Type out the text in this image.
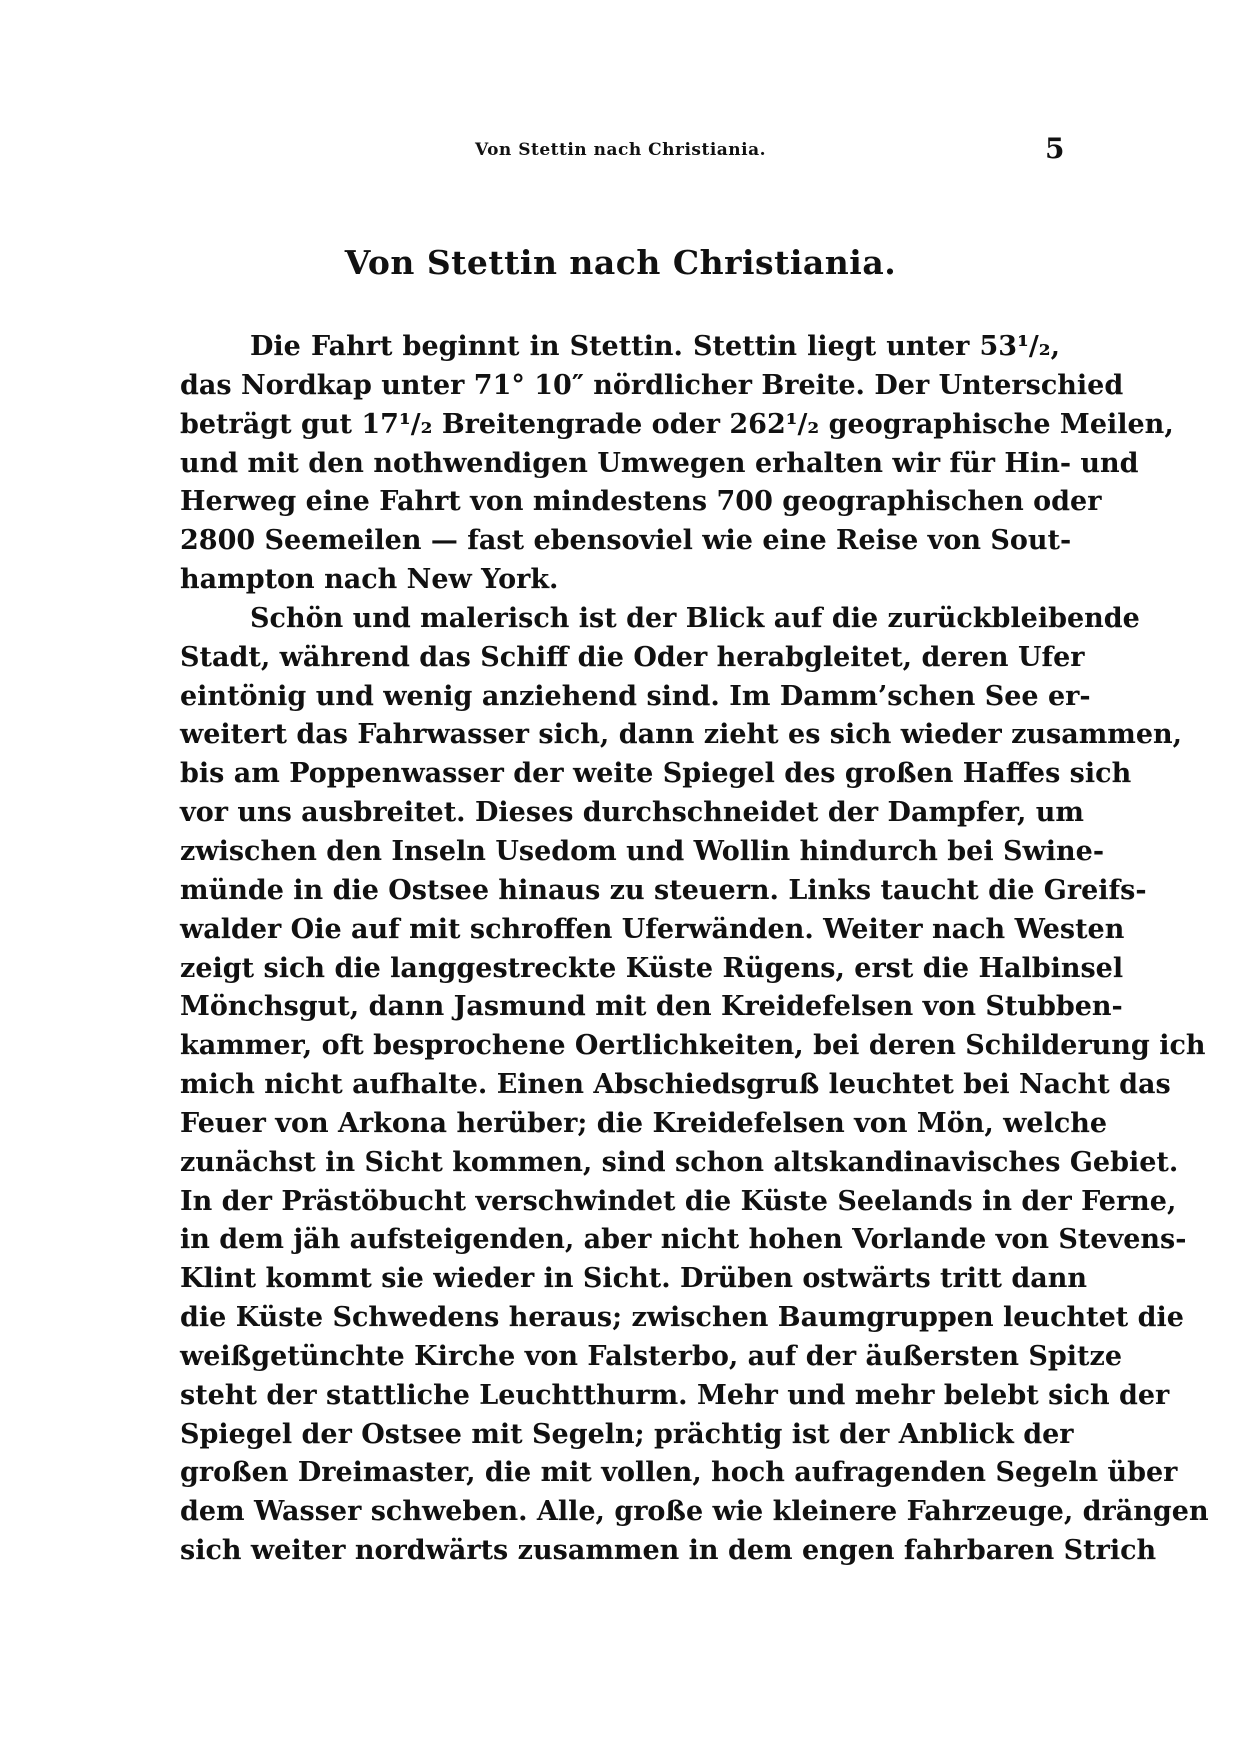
Von Stettin nach Christiania.	5
Von Stettin nach Christiania.
Die Fahrt beginnt in Stettin. Stettin liegt unter 53¹/₂,
das Nordkap unter 71° 10″ nördlicher Breite. Der Unterschied
beträgt gut 17¹/₂ Breitengrade oder 262¹/₂ geographische Meilen,
und mit den nothwendigen Umwegen erhalten wir für Hin- und
Herweg eine Fahrt von mindestens 700 geographischen oder
2800 Seemeilen — fast ebensoviel wie eine Reise von Sout-
hampton nach New York.
Schön und malerisch ist der Blick auf die zurückbleibende
Stadt, während das Schiff die Oder herabgleitet, deren Ufer
eintönig und wenig anziehend sind. Im Damm’schen See er-
weitert das Fahrwasser sich, dann zieht es sich wieder zusammen,
bis am Poppenwasser der weite Spiegel des großen Haffes sich
vor uns ausbreitet. Dieses durchschneidet der Dampfer, um
zwischen den Inseln Usedom und Wollin hindurch bei Swine-
münde in die Ostsee hinaus zu steuern. Links taucht die Greifs-
walder Oie auf mit schroffen Uferwänden. Weiter nach Westen
zeigt sich die langgestreckte Küste Rügens, erst die Halbinsel
Mönchsgut, dann Jasmund mit den Kreidefelsen von Stubben-
kammer, oft besprochene Oertlichkeiten, bei deren Schilderung ich
mich nicht aufhalte. Einen Abschiedsgruß leuchtet bei Nacht das
Feuer von Arkona herüber; die Kreidefelsen von Mön, welche
zunächst in Sicht kommen, sind schon altskandinavisches Gebiet.
In der Prästöbucht verschwindet die Küste Seelands in der Ferne,
in dem jäh aufsteigenden, aber nicht hohen Vorlande von Stevens-
Klint kommt sie wieder in Sicht. Drüben ostwärts tritt dann
die Küste Schwedens heraus; zwischen Baumgruppen leuchtet die
weißgetünchte Kirche von Falsterbo, auf der äußersten Spitze
steht der stattliche Leuchtthurm. Mehr und mehr belebt sich der
Spiegel der Ostsee mit Segeln; prächtig ist der Anblick der
großen Dreimaster, die mit vollen, hoch aufragenden Segeln über
dem Wasser schweben. Alle, große wie kleinere Fahrzeuge, drängen
sich weiter nordwärts zusammen in dem engen fahrbaren Strich
